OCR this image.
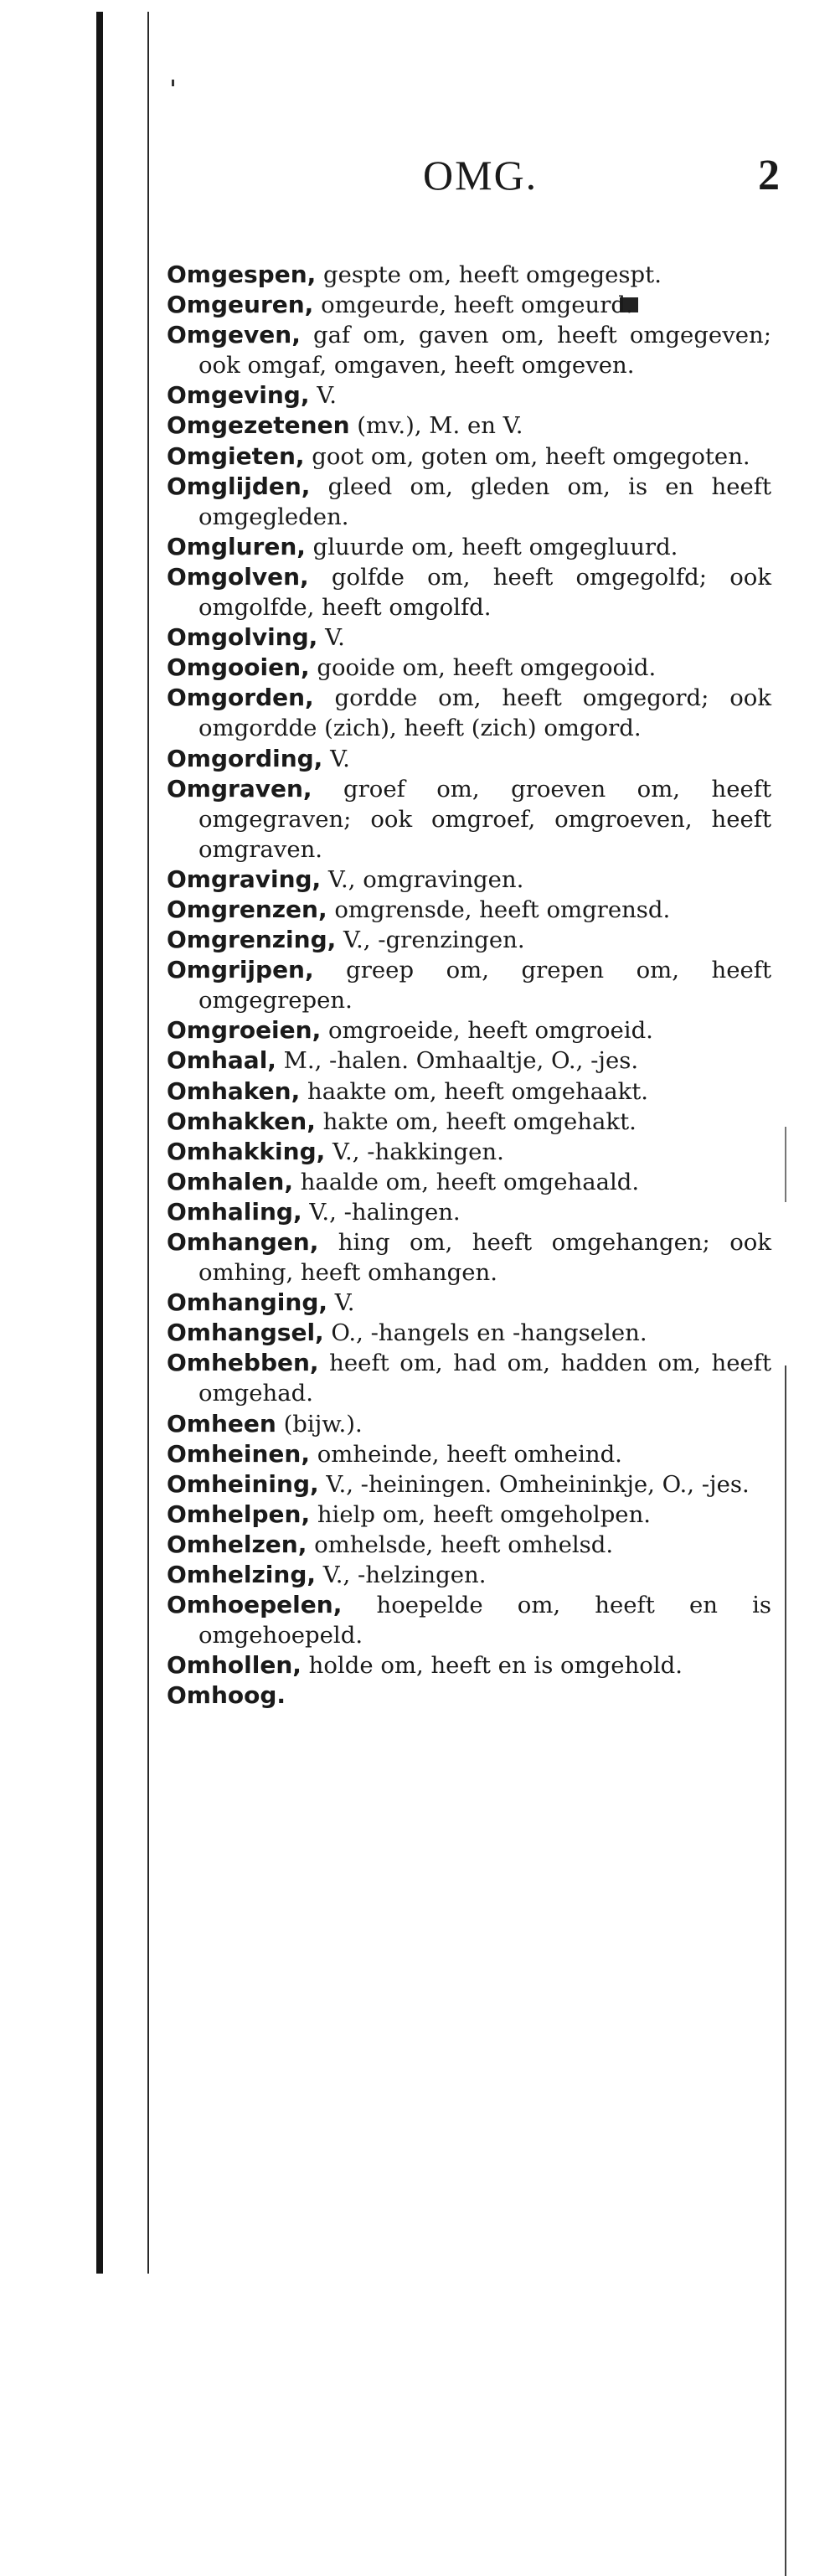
OMG.	2
Omgespen, gespte om, heeft omgegespt.
Omgeuren, omgeurde, heeft omgeurd.
Omgeven, gaf om, gaven om, heeft omgegeven; ook omgaf, omgaven, heeft omgeven.
Omgeving, V.
Omgezetenen (mv.), M. en V.
Omgieten, goot om, goten om, heeft omgegoten.
Omglijden, gleed om, gleden om, is en heeft omgegleden.
Omgluren, gluurde om, heeft omgegluurd.
Omgolven, golfde om, heeft omgegolfd; ook omgolfde, heeft omgolfd.
Omgolving, V.
Omgooien, gooide om, heeft omgegooid.
Omgorden, gordde om, heeft omgegord; ook omgordde (zich), heeft (zich) omgord.
Omgording, V.
Omgraven, groef om, groeven om, heeft omgegraven; ook omgroef, omgroeven, heeft omgraven.
Omgraving, V., omgravingen.
Omgrenzen, omgrensde, heeft omgrensd.
Omgrenzing, V., -grenzingen.
Omgrijpen, greep om, grepen om, heeft omgegrepen.
Omgroeien, omgroeide, heeft omgroeid.
Omhaal, M., -halen. Omhaaltje, O., -jes.
Omhaken, haakte om, heeft omgehaakt.
Omhakken, hakte om, heeft omgehakt.
Omhakking, V., -hakkingen.
Omhalen, haalde om, heeft omgehaald.
Omhaling, V., -halingen.
Omhangen, hing om, heeft omgehangen; ook omhing, heeft omhangen.
Omhanging, V.
Omhangsel, O., -hangels en -hangselen.
Omhebben, heeft om, had om, hadden om, heeft omgehad.
Omheen (bijw.).
Omheinen, omheinde, heeft omheind.
Omheining, V., -heiningen. Omheininkje, O., -jes.
Omhelpen, hielp om, heeft omgeholpen.
Omhelzen, omhelsde, heeft omhelsd.
Omhelzing, V., -helzingen.
Omhoepelen, hoepelde om, heeft en is omgehoepeld.
Omhollen, holde om, heeft en is omgehold.
Omhoog.
